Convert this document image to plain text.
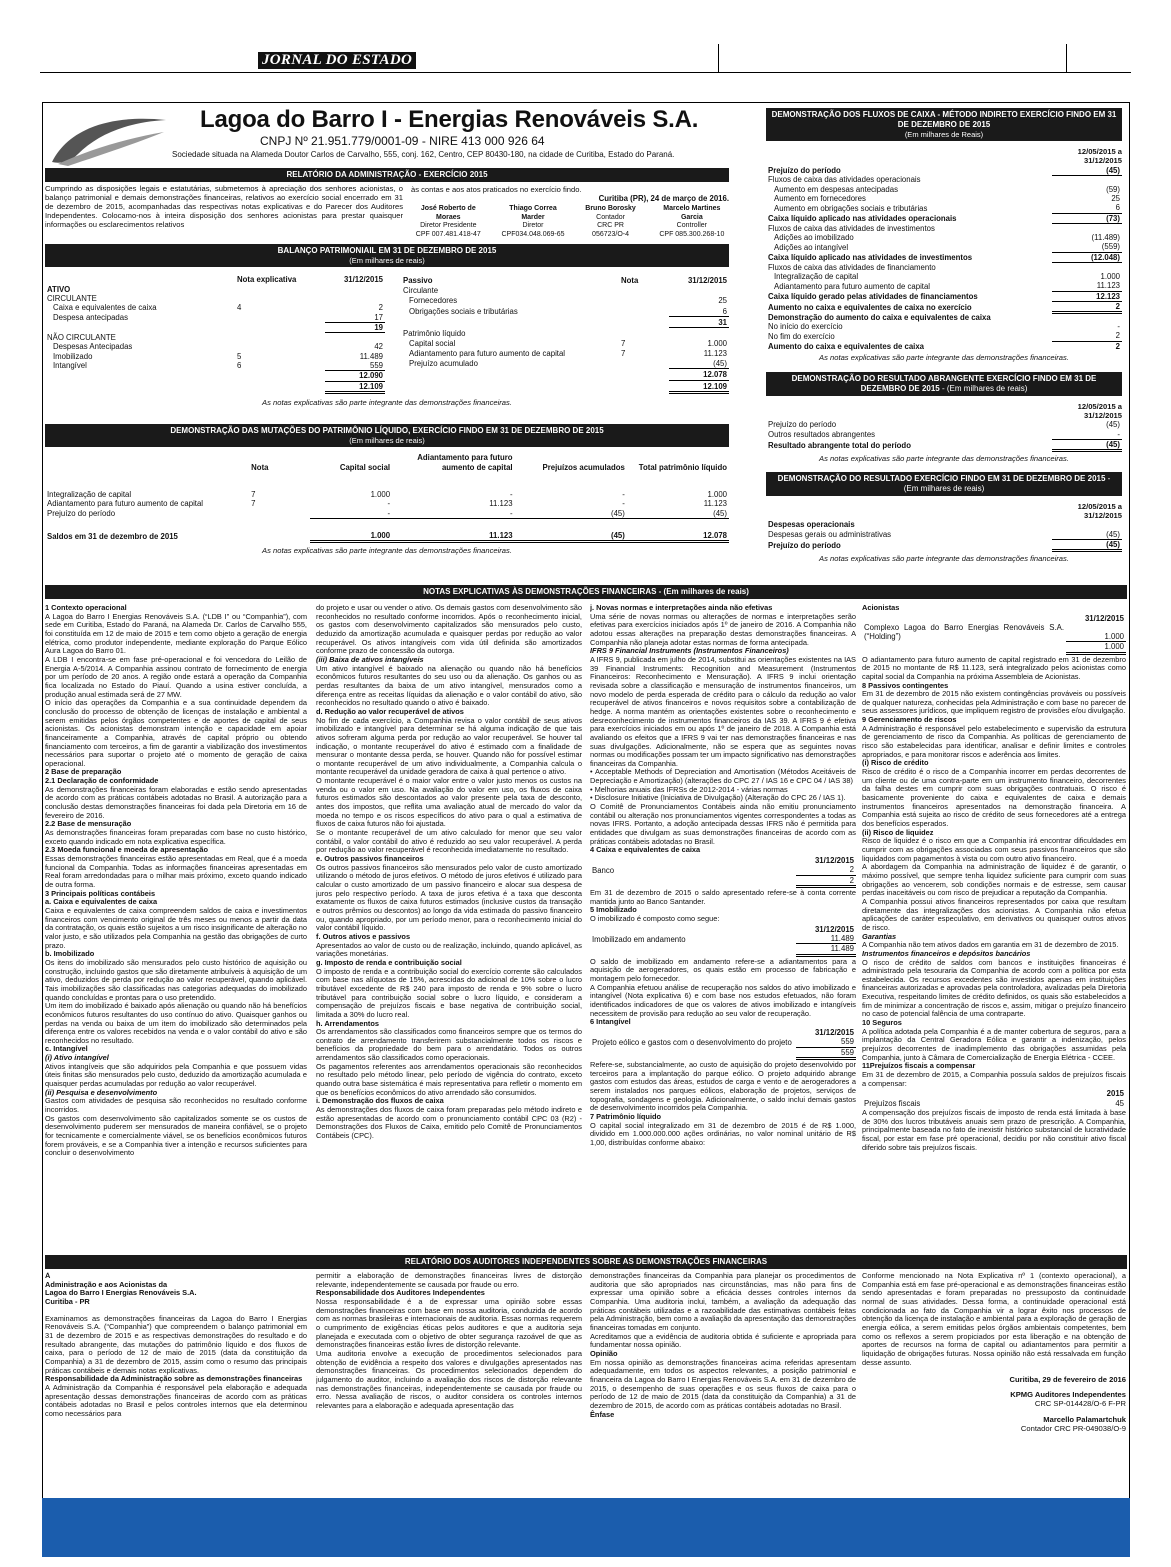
JORNAL DO ESTADO
Lagoa do Barro I - Energias Renováveis S.A.
CNPJ Nº 21.951.779/0001-09 - NIRE 413 000 926 64
Sociedade situada na Alameda Doutor Carlos de Carvalho, 555, conj. 162, Centro, CEP 80430-180, na cidade de Curitiba, Estado do Paraná.
RELATÓRIO DA ADMINISTRAÇÃO - EXERCÍCIO 2015
Cumprindo as disposições legais e estatutárias, submetemos à apreciação dos senhores acionistas, o balanço patrimonial e demais demonstrações financeiras, relativos ao exercício social encerrado em 31 de dezembro de 2015, acompanhadas das respectivas notas explicativas e do Parecer dos Auditores Independentes. Colocamo-nos à inteira disposição dos senhores acionistas para prestar quaisquer informações ou esclarecimentos relativos
às contas e aos atos praticados no exercício findo.
Curitiba (PR), 24 de março de 2016.
José Roberto de Moraes
Diretor Presidente
CPF 007.481.418-47
Thiago Correa Marder
Diretor
CPF034.048.069-65
Bruno Borosky
Contador
CRC PR 056723/O-4
Marcelo Martines Garcia
Controller
CPF 085.300.268-10
BALANÇO PATRIMONIAIL EM 31 DE DEZEMBRO DE 2015
(Em milhares de reais)
	Nota explicativa	31/12/2015
ATIVO		
CIRCULANTE		
Caixa e equivalentes de caixa	4	2
Despesa antecipadas		17
		19
NÃO CIRCULANTE		
Despesas Antecipadas		42
Imobilizado	5	11.489
Intangível	6	559
		12.090
		12.109
Passivo	Nota	31/12/2015
Circulante		
Fornecedores		25
Obrigações sociais e tributárias		6
		31
Patrimônio líquido		
Capital social	7	1.000
Adiantamento para futuro aumento de capital	7	11.123
Prejuízo acumulado		(45)
		12.078
		12.109
As notas explicativas são parte integrante das demonstrações financeiras.
DEMONSTRAÇÃO DAS MUTAÇÕES DO PATRIMÔNIO LÍQUIDO, EXERCÍCIO FINDO EM 31 DE DEZEMBRO DE 2015
(Em milhares de reais)
	Nota	Capital social	Adiantamento para futuro aumento de capital	Prejuízos acumulados	Total patrimônio líquido

Integralização de capital	7	1.000	-	-	1.000
Adiantamento para futuro aumento de capital	7	-	11.123	-	11.123
Prejuízo do período		-	-	(45)	(45)

Saldos em 31 de dezembro de 2015		1.000	11.123	(45)	12.078
As notas explicativas são parte integrante das demonstrações financeiras.
DEMONSTRAÇÃO DOS FLUXOS DE CAIXA - MÉTODO INDIRETO EXERCÍCIO FINDO EM 31 DE DEZEMBRO DE 2015
(Em milhares de Reais)
12/05/2015 a 31/12/2015
Prejuízo do período	(45)
Fluxos de caixa das atividades operacionais	
Aumento em despesas antecipadas	(59)
Aumento em fornecedores	25
Aumento em obrigações sociais e tributárias	6
Caixa líquido aplicado nas atividades operacionais	(73)
Fluxos de caixa das atividades de investimentos	
Adições ao imobilizado	(11.489)
Adições ao intangível	(559)
Caixa líquido aplicado nas atividades de investimentos	(12.048)
Fluxos de caixa das atividades de financiamento	
Integralização de capital	1.000
Adiantamento para futuro aumento de capital	11.123
Caixa líquido gerado pelas atividades de financiamentos	12.123
Aumento no caixa e equivalentes de caixa no exercício	2
Demonstração do aumento do caixa e equivalentes de caixa	
No início do exercício	-
No fim do exercício	2
Aumento do caixa e equivalentes de caixa	2
As notas explicativas são parte integrante das demonstrações financeiras.
DEMONSTRAÇÃO DO RESULTADO ABRANGENTE EXERCÍCIO FINDO EM 31 DE DEZEMBRO DE 2015 - (Em milhares de reais)
12/05/2015 a 31/12/2015
Prejuízo do período	(45)
Outros resultados abrangentes	-
Resultado abrangente total do período	(45)
As notas explicativas são parte integrante das demonstrações financeiras.
DEMONSTRAÇÃO DO RESULTADO EXERCÍCIO FINDO EM 31 DE DEZEMBRO DE 2015 - (Em milhares de reais)
12/05/2015 a 31/12/2015
Despesas operacionais	
Despesas gerais ou administrativas	(45)
Prejuízo do período	(45)
As notas explicativas são parte integrante das demonstrações financeiras.
NOTAS EXPLICATIVAS ÀS DEMONSTRAÇÕES FINANCEIRAS - (Em milhares de reais)

1 Contexto operacional

A Lagoa do Barro I Energias Renováveis S.A. (“LDB I” ou “Companhia”), com sede em Curitiba, Estado do Paraná, na Alameda Dr. Carlos de Carvalho 555, foi constituída em 12 de maio de 2015 e tem como objeto a geração de energia elétrica, como produtor independente, mediante exploração do Parque Eólico Aura Lagoa do Barro 01.

A LDB I encontra-se em fase pré-operacional e foi vencedora do Leilão de Energia A-5/2014. A Companhia assinou contrato de fornecimento de energia por um período de 20 anos. A região onde estará a operação da Companhia fica localizada no Estado do Piauí. Quando a usina estiver concluída, a produção anual estimada será de 27 MW.

O início das operações da Companhia e a sua continuidade dependem da conclusão do processo de obtenção de licenças de instalação e ambiental a serem emitidas pelos órgãos competentes e de aportes de capital de seus acionistas. Os acionistas demonstram intenção e capacidade em apoiar financeiramente a Companhia, através de capital próprio ou obtendo financiamento com terceiros, a fim de garantir a viabilização dos investimentos necessários para suportar o projeto até o momento de geração de caixa operacional.

2 Base de preparação

2.1 Declaração de conformidade

As demonstrações financeiras foram elaboradas e estão sendo apresentadas de acordo com as práticas contábeis adotadas no Brasil. A autorização para a conclusão destas demonstrações financeiras foi dada pela Diretoria em 16 de fevereiro de 2016.

2.2 Base de mensuração

As demonstrações financeiras foram preparadas com base no custo histórico, exceto quando indicado em nota explicativa específica.

2.3 Moeda funcional e moeda de apresentação

Essas demonstrações financeiras estão apresentadas em Real, que é a moeda funcional da Companhia. Todas as informações financeiras apresentadas em Real foram arredondadas para o milhar mais próximo, exceto quando indicado de outra forma.

3 Principais políticas contábeis

a. Caixa e equivalentes de caixa

Caixa e equivalentes de caixa compreendem saldos de caixa e investimentos financeiros com vencimento original de três meses ou menos a partir da data da contratação, os quais estão sujeitos a um risco insignificante de alteração no valor justo, e são utilizados pela Companhia na gestão das obrigações de curto prazo.

b. Imobilizado

Os itens do imobilizado são mensurados pelo custo histórico de aquisição ou construção, incluindo gastos que são diretamente atribuíveis à aquisição de um ativo, deduzidos de perda por redução ao valor recuperável, quando aplicável. Tais imobilizações são classificadas nas categorias adequadas do imobilizado quando concluídas e prontas para o uso pretendido.

Um item do imobilizado é baixado após alienação ou quando não há benefícios econômicos futuros resultantes do uso contínuo do ativo. Quaisquer ganhos ou perdas na venda ou baixa de um item do imobilizado são determinados pela diferença entre os valores recebidos na venda e o valor contábil do ativo e são reconhecidos no resultado.

c. Intangível

(i) Ativo intangível

Ativos intangíveis que são adquiridos pela Companhia e que possuem vidas úteis finitas são mensurados pelo custo, deduzido da amortização acumulada e quaisquer perdas acumuladas por redução ao valor recuperável.

(ii) Pesquisa e desenvolvimento

Gastos com atividades de pesquisa são reconhecidos no resultado conforme incorridos.

Os gastos com desenvolvimento são capitalizados somente se os custos de desenvolvimento puderem ser mensurados de maneira confiável, se o projeto for tecnicamente e comercialmente viável, se os benefícios econômicos futuros forem prováveis, e se a Companhia tiver a intenção e recursos suficientes para concluir o desenvolvimento

do projeto e usar ou vender o ativo. Os demais gastos com desenvolvimento são reconhecidos no resultado conforme incorridos. Após o reconhecimento inicial, os gastos com desenvolvimento capitalizados são mensurados pelo custo, deduzido da amortização acumulada e quaisquer perdas por redução ao valor recuperável. Os ativos intangíveis com vida útil definida são amortizados conforme prazo de concessão da outorga.

(iii) Baixa de ativos intangíveis

Um ativo intangível é baixado na alienação ou quando não há benefícios econômicos futuros resultantes do seu uso ou da alienação. Os ganhos ou as perdas resultantes da baixa de um ativo intangível, mensurados como a diferença entre as receitas líquidas da alienação e o valor contábil do ativo, são reconhecidos no resultado quando o ativo é baixado.

d. Redução ao valor recuperável de ativos

No fim de cada exercício, a Companhia revisa o valor contábil de seus ativos imobilizado e intangível para determinar se há alguma indicação de que tais ativos sofreram alguma perda por redução ao valor recuperável. Se houver tal indicação, o montante recuperável do ativo é estimado com a finalidade de mensurar o montante dessa perda, se houver. Quando não for possível estimar o montante recuperável de um ativo individualmente, a Companhia calcula o montante recuperável da unidade geradora de caixa à qual pertence o ativo.

O montante recuperável é o maior valor entre o valor justo menos os custos na venda ou o valor em uso. Na avaliação do valor em uso, os fluxos de caixa futuros estimados são descontados ao valor presente pela taxa de desconto, antes dos impostos, que reflita uma avaliação atual de mercado do valor da moeda no tempo e os riscos específicos do ativo para o qual a estimativa de fluxos de caixa futuros não foi ajustada.

Se o montante recuperável de um ativo calculado for menor que seu valor contábil, o valor contábil do ativo é reduzido ao seu valor recuperável. A perda por redução ao valor recuperável é reconhecida imediatamente no resultado.

e. Outros passivos financeiros

Os outros passivos financeiros são mensurados pelo valor de custo amortizado utilizando o método de juros efetivos. O método de juros efetivos é utilizado para calcular o custo amortizado de um passivo financeiro e alocar sua despesa de juros pelo respectivo período. A taxa de juros efetiva é a taxa que desconta exatamente os fluxos de caixa futuros estimados (inclusive custos da transação e outros prêmios ou descontos) ao longo da vida estimada do passivo financeiro ou, quando apropriado, por um período menor, para o reconhecimento inicial do valor contábil líquido.

f. Outros ativos e passivos

Apresentados ao valor de custo ou de realização, incluindo, quando aplicável, as variações monetárias.

g. Imposto de renda e contribuição social

O imposto de renda e a contribuição social do exercício corrente são calculados com base nas alíquotas de 15%, acrescidas do adicional de 10% sobre o lucro tributável excedente de R$ 240 para imposto de renda e 9% sobre o lucro tributável para contribuição social sobre o lucro líquido, e consideram a compensação de prejuízos fiscais e base negativa de contribuição social, limitada a 30% do lucro real.

h. Arrendamentos

Os arrendamentos são classificados como financeiros sempre que os termos do contrato de arrendamento transferirem substancialmente todos os riscos e benefícios da propriedade do bem para o arrendatário. Todos os outros arrendamentos são classificados como operacionais.

Os pagamentos referentes aos arrendamentos operacionais são reconhecidos no resultado pelo método linear, pelo período de vigência do contrato, exceto quando outra base sistemática é mais representativa para refletir o momento em que os benefícios econômicos do ativo arrendado são consumidos.

i. Demonstração dos fluxos de caixa

As demonstrações dos fluxos de caixa foram preparadas pelo método indireto e estão apresentadas de acordo com o pronunciamento contábil CPC 03 (R2) - Demonstrações dos Fluxos de Caixa, emitido pelo Comitê de Pronunciamentos Contábeis (CPC).

j. Novas normas e interpretações ainda não efetivas

Uma série de novas normas ou alterações de normas e interpretações serão efetivas para exercícios iniciados após 1º de janeiro de 2016. A Companhia não adotou essas alterações na preparação destas demonstrações financeiras. A Companhia não planeja adotar estas normas de forma antecipada.

IFRS 9 Financial Instruments (Instrumentos Financeiros)

A IFRS 9, publicada em julho de 2014, substitui as orientações existentes na IAS 39 Financial Instruments: Recognition and Measurement (Instrumentos Financeiros: Reconhecimento e Mensuração). A IFRS 9 inclui orientação revisada sobre a classificação e mensuração de instrumentos financeiros, um novo modelo de perda esperada de crédito para o cálculo da redução ao valor recuperável de ativos financeiros e novos requisitos sobre a contabilização de hedge. A norma mantém as orientações existentes sobre o reconhecimento e desreconhecimento de instrumentos financeiros da IAS 39. A IFRS 9 é efetiva para exercícios iniciados em ou após 1º de janeiro de 2018. A Companhia está avaliando os efeitos que a IFRS 9 vai ter nas demonstrações financeiras e nas suas divulgações. Adicionalmente, não se espera que as seguintes novas normas ou modificações possam ter um impacto significativo nas demonstrações financeiras da Companhia.

• Acceptable Methods of Depreciation and Amortisation (Métodos Aceitáveis de Depreciação e Amortização) (alterações do CPC 27 / IAS 16 e CPC 04 / IAS 38)

• Melhorias anuais das IFRSs de 2012-2014 - várias normas

• Disclosure Initiative (Iniciativa de Divulgação) (Alteração do CPC 26 / IAS 1).

O Comitê de Pronunciamentos Contábeis ainda não emitiu pronunciamento contábil ou alteração nos pronunciamentos vigentes correspondentes a todas as novas IFRS. Portanto, a adoção antecipada dessas IFRS não é permitida para entidades que divulgam as suas demonstrações financeiras de acordo com as práticas contábeis adotadas no Brasil.

4 Caixa e equivalentes de caixa

	31/12/2015
Banco	2
	2

Em 31 de dezembro de 2015 o saldo apresentado refere-se à conta corrente mantida junto ao Banco Santander.

5 Imobilizado

O imobilizado é composto como segue:

	31/12/2015
Imobilizado em andamento	11.489
	11.489

O saldo de imobilizado em andamento refere-se a adiantamentos para a aquisição de aerogeradores, os quais estão em processo de fabricação e montagem pelo fornecedor.

A Companhia efetuou análise de recuperação nos saldos do ativo imobilizado e intangível (Nota explicativa 6) e com base nos estudos efetuados, não foram identificados indicadores de que os valores de ativos imobilizado e intangíveis necessitem de provisão para redução ao seu valor de recuperação.

6 Intangível

	31/12/2015
Projeto eólico e gastos com o desenvolvimento do projeto	559
	559

Refere-se, substancialmente, ao custo de aquisição do projeto desenvolvido por terceiros para a implantação do parque eólico. O projeto adquirido abrange gastos com estudos das áreas, estudos de carga e vento e de aerogeradores a serem instalados nos parques eólicos, elaboração de projetos, serviços de topografia, sondagens e geologia. Adicionalmente, o saldo inclui demais gastos de desenvolvimento incorridos pela Companhia.

7 Patrimônio líquido

O capital social integralizado em 31 de dezembro de 2015 é de R$ 1.000, dividido em 1.000.000.000 ações ordinárias, no valor nominal unitário de R$ 1,00, distribuídas conforme abaixo:

Acionistas

	31/12/2015
Complexo Lagoa do Barro Energias Renováveis S.A. (“Holding”)	1.000
	1.000

O adiantamento para futuro aumento de capital registrado em 31 de dezembro de 2015 no montante de R$ 11.123, será integralizado pelos acionistas como capital social da Companhia na próxima Assembleia de Acionistas.

8 Passivos contingentes

Em 31 de dezembro de 2015 não existem contingências prováveis ou possíveis de qualquer natureza, conhecidas pela Administração e com base no parecer de seus assessores jurídicos, que impliquem registro de provisões e/ou divulgação.

9 Gerenciamento de riscos

A Administração é responsável pelo estabelecimento e supervisão da estrutura de gerenciamento de risco da Companhia. As políticas de gerenciamento de risco são estabelecidas para identificar, analisar e definir limites e controles apropriados, e para monitorar riscos e aderência aos limites.

(i) Risco de crédito

Risco de crédito é o risco de a Companhia incorrer em perdas decorrentes de um cliente ou de uma contra-parte em um instrumento financeiro, decorrentes da falha destes em cumprir com suas obrigações contratuais. O risco é basicamente proveniente do caixa e equivalentes de caixa e demais instrumentos financeiros apresentados na demonstração financeira. A Companhia está sujeita ao risco de crédito de seus fornecedores até a entrega dos benefícios esperados.

(ii) Risco de liquidez

Risco de liquidez é o risco em que a Companhia irá encontrar dificuldades em cumprir com as obrigações associadas com seus passivos financeiros que são liquidados com pagamentos à vista ou com outro ativo financeiro.

A abordagem da Companhia na administração de liquidez é de garantir, o máximo possível, que sempre tenha liquidez suficiente para cumprir com suas obrigações ao vencerem, sob condições normais e de estresse, sem causar perdas inaceitáveis ou com risco de prejudicar a reputação da Companhia.

A Companhia possui ativos financeiros representados por caixa que resultam diretamente das integralizações dos acionistas. A Companhia não efetua aplicações de caráter especulativo, em derivativos ou quaisquer outros ativos de risco.

Garantias

A Companhia não tem ativos dados em garantia em 31 de dezembro de 2015.

Instrumentos financeiros e depósitos bancários

O risco de crédito de saldos com bancos e instituições financeiras é administrado pela tesouraria da Companhia de acordo com a política por esta estabelecida. Os recursos excedentes são investidos apenas em instituições financeiras autorizadas e aprovadas pela controladora, avalizadas pela Diretoria Executiva, respeitando limites de crédito definidos, os quais são estabelecidos a fim de minimizar a concentração de riscos e, assim, mitigar o prejuízo financeiro no caso de potencial falência de uma contraparte.

10 Seguros

A política adotada pela Companhia é a de manter cobertura de seguros, para a implantação da Central Geradora Eólica e garantir a indenização, pelos prejuízos decorrentes de inadimplemento das obrigações assumidas pela Companhia, junto à Câmara de Comercialização de Energia Elétrica - CCEE.

11Prejuízos fiscais a compensar

Em 31 de dezembro de 2015, a Companhia possuía saldos de prejuízos fiscais a compensar:

	2015
Prejuízos fiscais	45

A compensação dos prejuízos fiscais de imposto de renda está limitada à base de 30% dos lucros tributáveis anuais sem prazo de prescrição. A Companhia, principalmente baseada no fato de inexistir histórico substancial de lucratividade fiscal, por estar em fase pré operacional, decidiu por não constituir ativo fiscal diferido sobre tais prejuízos fiscais.

RELATÓRIO DOS AUDITORES INDEPENDENTES SOBRE AS DEMONSTRAÇÕES FINANCEIRAS

À

Administração e aos Acionistas da

Lagoa do Barro I Energias Renováveis S.A.

Curitiba - PR

Examinamos as demonstrações financeiras da Lagoa do Barro I Energias Renováveis S.A. (“Companhia”) que compreendem o balanço patrimonial em 31 de dezembro de 2015 e as respectivas demonstrações do resultado e do resultado abrangente, das mutações do patrimônio líquido e dos fluxos de caixa, para o período de 12 de maio de 2015 (data da constituição da Companhia) a 31 de dezembro de 2015, assim como o resumo das principais práticas contábeis e demais notas explicativas.

Responsabilidade da Administração sobre as demonstrações financeiras

A Administração da Companhia é responsável pela elaboração e adequada apresentação dessas demonstrações financeiras de acordo com as práticas contábeis adotadas no Brasil e pelos controles internos que ela determinou como necessários para

permitir a elaboração de demonstrações financeiras livres de distorção relevante, independentemente se causada por fraude ou erro.

Responsabilidade dos Auditores Independentes

Nossa responsabilidade é a de expressar uma opinião sobre essas demonstrações financeiras com base em nossa auditoria, conduzida de acordo com as normas brasileiras e internacionais de auditoria. Essas normas requerem o cumprimento de exigências éticas pelos auditores e que a auditoria seja planejada e executada com o objetivo de obter segurança razoável de que as demonstrações financeiras estão livres de distorção relevante.

Uma auditoria envolve a execução de procedimentos selecionados para obtenção de evidência a respeito dos valores e divulgações apresentados nas demonstrações financeiras. Os procedimentos selecionados dependem do julgamento do auditor, incluindo a avaliação dos riscos de distorção relevante nas demonstrações financeiras, independentemente se causada por fraude ou erro. Nessa avaliação de riscos, o auditor considera os controles internos relevantes para a elaboração e adequada apresentação das

demonstrações financeiras da Companhia para planejar os procedimentos de auditoria que são apropriados nas circunstâncias, mas não para fins de expressar uma opinião sobre a eficácia desses controles internos da Companhia. Uma auditoria inclui, também, a avaliação da adequação das práticas contábeis utilizadas e a razoabilidade das estimativas contábeis feitas pela Administração, bem como a avaliação da apresentação das demonstrações financeiras tomadas em conjunto.

Acreditamos que a evidência de auditoria obtida é suficiente e apropriada para fundamentar nossa opinião.

Opinião

Em nossa opinião as demonstrações financeiras acima referidas apresentam adequadamente, em todos os aspectos relevantes, a posição patrimonial e financeira da Lagoa do Barro I Energias Renováveis S.A. em 31 de dezembro de 2015, o desempenho de suas operações e os seus fluxos de caixa para o período de 12 de maio de 2015 (data da constituição da Companhia) a 31 de dezembro de 2015, de acordo com as práticas contábeis adotadas no Brasil.

Ênfase

Conforme mencionado na Nota Explicativa nº 1 (contexto operacional), a Companhia está em fase pré-operacional e as demonstrações financeiras estão sendo apresentadas e foram preparadas no pressuposto da continuidade normal de suas atividades. Dessa forma, a continuidade operacional está condicionada ao fato da Companhia vir a lograr êxito nos processos de obtenção da licença de instalação e ambiental para a exploração de geração de energia eólica, a serem emitidas pelos órgãos ambientais competentes, bem como os reflexos a serem propiciados por esta liberação e na obtenção de aportes de recursos na forma de capital ou adiantamentos para permitir a liquidação de obrigações futuras. Nossa opinião não está ressalvada em função desse assunto.

Curitiba, 29 de fevereiro de 2016
KPMG Auditores Independentes
CRC SP-014428/O-6 F-PR
Marcello Palamartchuk
Contador CRC PR-049038/O-9
